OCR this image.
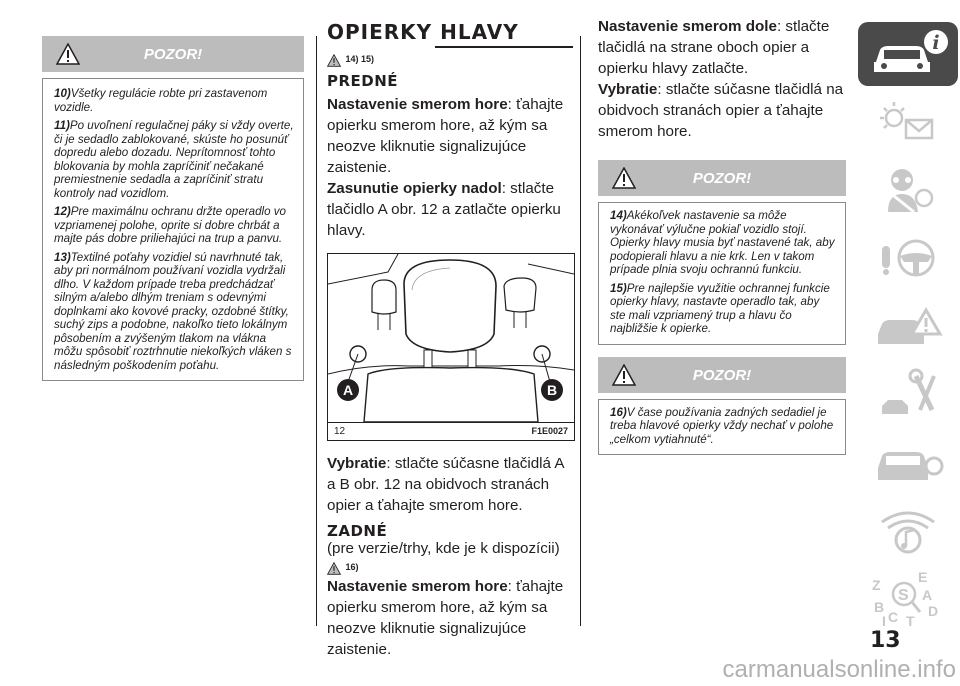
POZOR!

10)Všetky regulácie robte pri zastavenom vozidle.

11)Po uvoľnení regulačnej páky si vždy overte, či je sedadlo zablokované, skúste ho posunúť dopredu alebo dozadu. Neprítomnosť tohto blokovania by mohla zapríčiniť nečakané premiestnenie sedadla a zapríčiniť stratu kontroly nad vozidlom.

12)Pre maximálnu ochranu držte operadlo vo vzpriamenej polohe, oprite si dobre chrbát a majte pás dobre priliehajúci na trup a panvu.

13)Textilné poťahy vozidiel sú navrhnuté tak, aby pri normálnom používaní vozidla vydržali dlho. V každom prípade treba predchádzať silným a/alebo dlhým treniam s odevnými doplnkami ako kovové pracky, ozdobné štítky, suchý zips a podobne, nakoľko tieto lokálnym pôsobením a zvýšeným tlakom na vlákna môžu spôsobiť roztrhnutie niekoľkých vláken s následným poškodením poťahu.

OPIERKY HLAVY
$^{14) 15)}$
PREDNÉ
Nastavenie smerom hore: ťahajte opierku smerom hore, až kým sa neozve kliknutie signalizujúce zaistenie.
Zasunutie opierky nadol: stlačte tlačidlo A obr. 12 a zatlačte opierku hlavy.
A	B
12	F1E0027
Vybratie: stlačte súčasne tlačidlá A a B obr. 12 na obidvoch stranách opier a ťahajte smerom hore.
ZADNÉ
(pre verzie/trhy, kde je k dispozícii)
$^{16)}$
Nastavenie smerom hore: ťahajte opierku smerom hore, až kým sa neozve kliknutie signalizujúce zaistenie.
Nastavenie smerom dole: stlačte tlačidlá na strane oboch opier a opierku hlavy zatlačte.
Vybratie: stlačte súčasne tlačidlá na obidvoch stranách opier a ťahajte smerom hore.
POZOR!

14)Akékoľvek nastavenie sa môže vykonávať výlučne pokiaľ vozidlo stojí. Opierky hlavy musia byť nastavené tak, aby podopierali hlavu a nie krk. Len v takom prípade plnia svoju ochrannú funkciu.

15)Pre najlepšie využitie ochrannej funkcie opierky hlavy, nastavte operadlo tak, aby ste mali vzpriamený trup a hlavu čo najbližšie k opierke.

POZOR!

16)V čase používania zadných sedadiel je treba hlavové opierky vždy nechať v polohe „celkom vytiahnuté“.

i
Z	E
S A
B	D
C T
I
13
carmanualsonline.info
